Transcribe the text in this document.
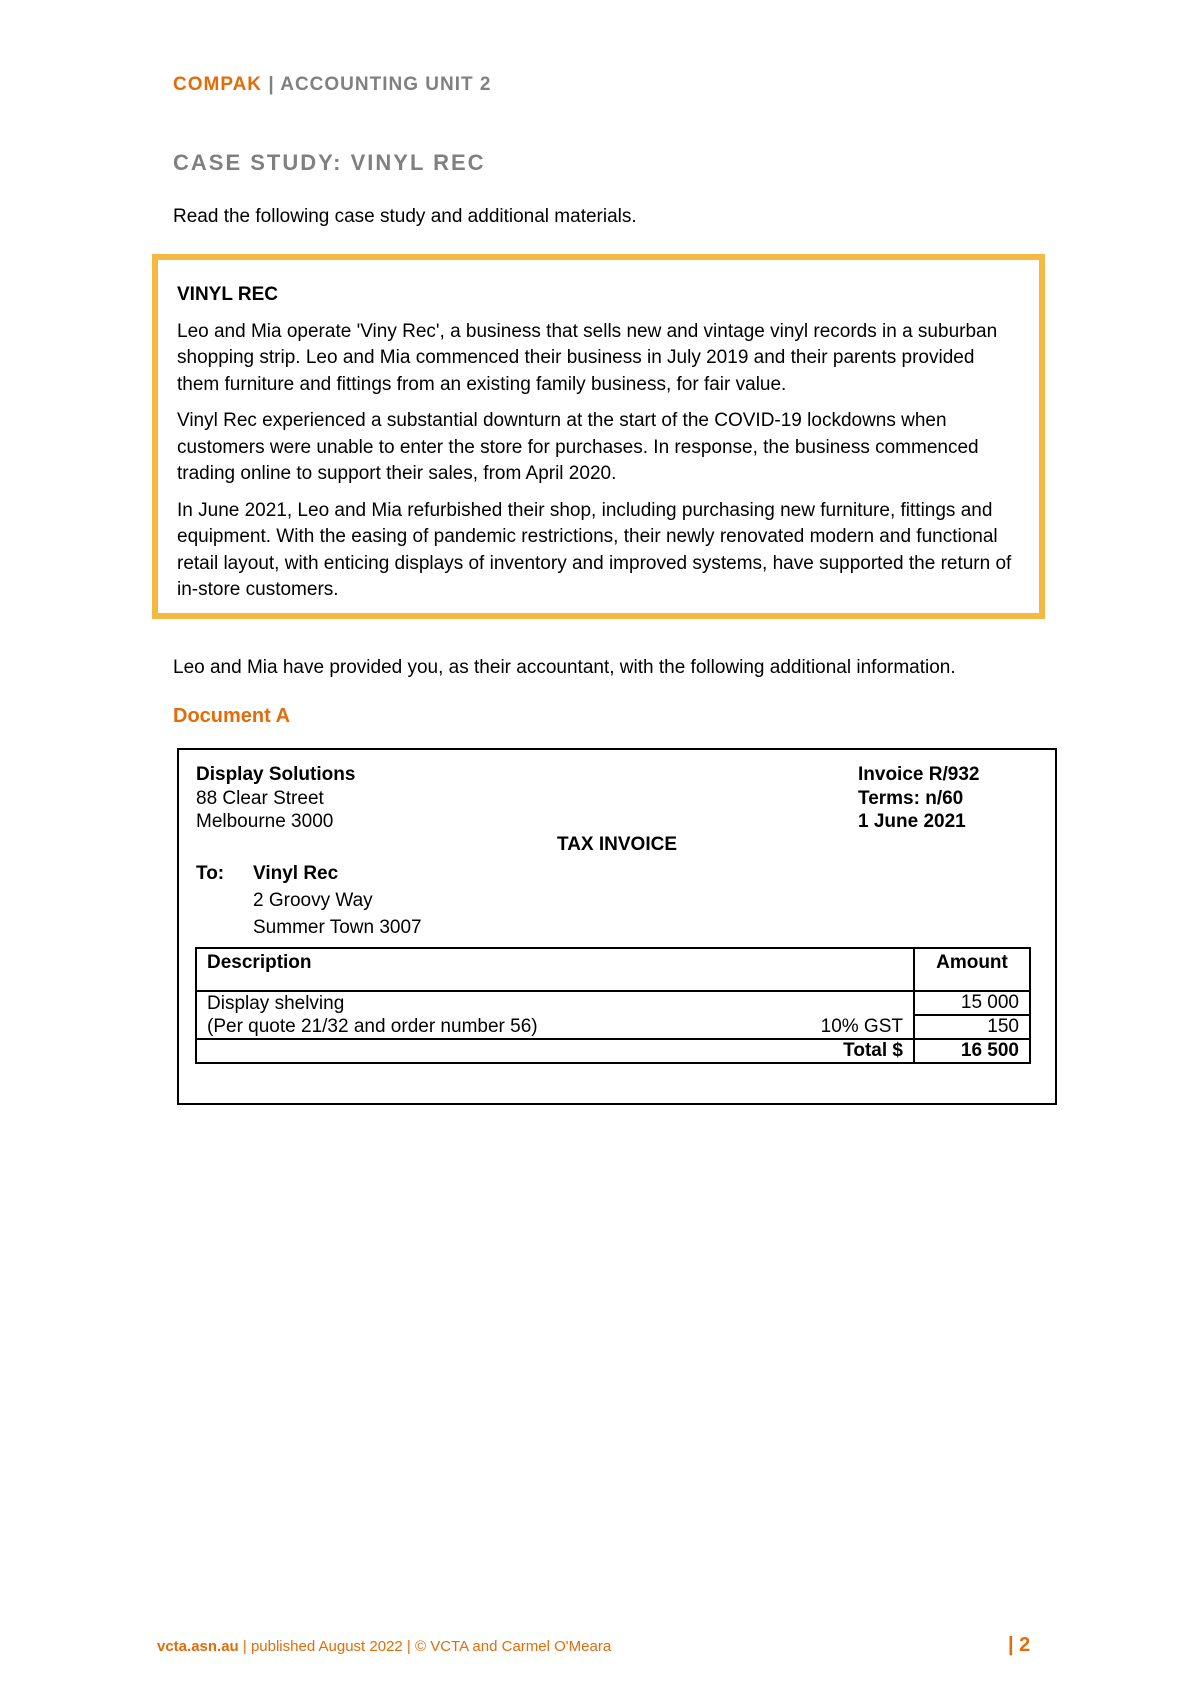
COMPAK | ACCOUNTING UNIT 2
CASE STUDY: VINYL REC
Read the following case study and additional materials.
VINYL REC

Leo and Mia operate 'Viny Rec', a business that sells new and vintage vinyl records in a suburban shopping strip. Leo and Mia commenced their business in July 2019 and their parents provided them furniture and fittings from an existing family business, for fair value.

Vinyl Rec experienced a substantial downturn at the start of the COVID-19 lockdowns when customers were unable to enter the store for purchases. In response, the business commenced trading online to support their sales, from April 2020.

In June 2021, Leo and Mia refurbished their shop, including purchasing new furniture, fittings and equipment. With the easing of pandemic restrictions, their newly renovated modern and functional retail layout, with enticing displays of inventory and improved systems, have supported the return of in-store customers.

Leo and Mia have provided you, as their accountant, with the following additional information.
Document A
Display Solutions
88 Clear Street
Melbourne 3000
Invoice R/932
Terms: n/60
1 June 2021
TAX INVOICE
To: Vinyl Rec
2 Groovy Way
Summer Town 3007
Description	Amount
Display shelving	15 000
(Per quote 21/32 and order number 56) 10% GST	150
Total $	16 500
vcta.asn.au | published August 2022 | © VCTA and Carmel O'Meara	| 2
